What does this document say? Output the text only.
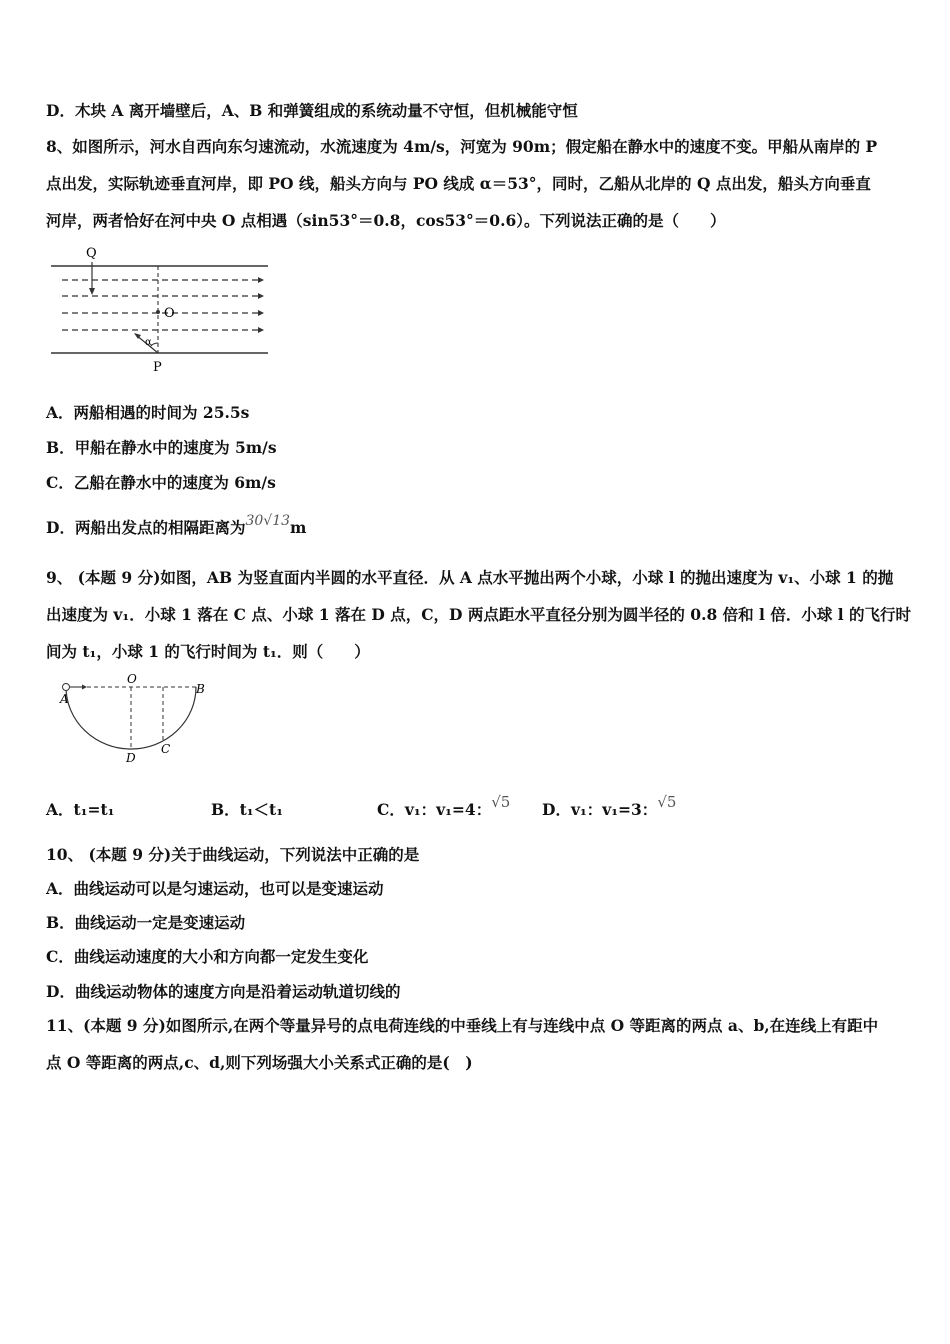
D．木块 A 离开墙壁后，A、B 和弹簧组成的系统动量不守恒，但机械能守恒
8、如图所示，河水自西向东匀速流动，水流速度为 4m/s，河宽为 90m；假定船在静水中的速度不变。甲船从南岸的 P
点出发，实际轨迹垂直河岸，即 PO 线，船头方向与 PO 线成 α＝53°，同时，乙船从北岸的 Q 点出发，船头方向垂直
河岸，两者恰好在河中央 O 点相遇（sin53°＝0.8，cos53°＝0.6）。下列说法正确的是（　　）
Q
O
P
α
A．两船相遇的时间为 25.5s
B．甲船在静水中的速度为 5m/s
C．乙船在静水中的速度为 6m/s
D．两船出发点的相隔距离为30√13m
9、 (本题 9 分)如图，AB 为竖直面内半圆的水平直径．从 A 点水平抛出两个小球，小球 l 的抛出速度为 v₁、小球 1 的抛
出速度为 v₁．小球 1 落在 C 点、小球 1 落在 D 点，C，D 两点距水平直径分别为圆半径的 0.8 倍和 l 倍．小球 l 的飞行时
间为 t₁，小球 1 的飞行时间为 t₁．则（　　）
A
O
B
D
C
A．t₁=t₁	B．t₁＜t₁	C．v₁：v₁=4：√5 D．v₁：v₁=3：√5
10、 (本题 9 分)关于曲线运动，下列说法中正确的是
A．曲线运动可以是匀速运动，也可以是变速运动
B．曲线运动一定是变速运动
C．曲线运动速度的大小和方向都一定发生变化
D．曲线运动物体的速度方向是沿着运动轨道切线的
11、(本题 9 分)如图所示,在两个等量异号的点电荷连线的中垂线上有与连线中点 O 等距离的两点 a、b,在连线上有距中
点 O 等距离的两点,c、d,则下列场强大小关系式正确的是(　)
